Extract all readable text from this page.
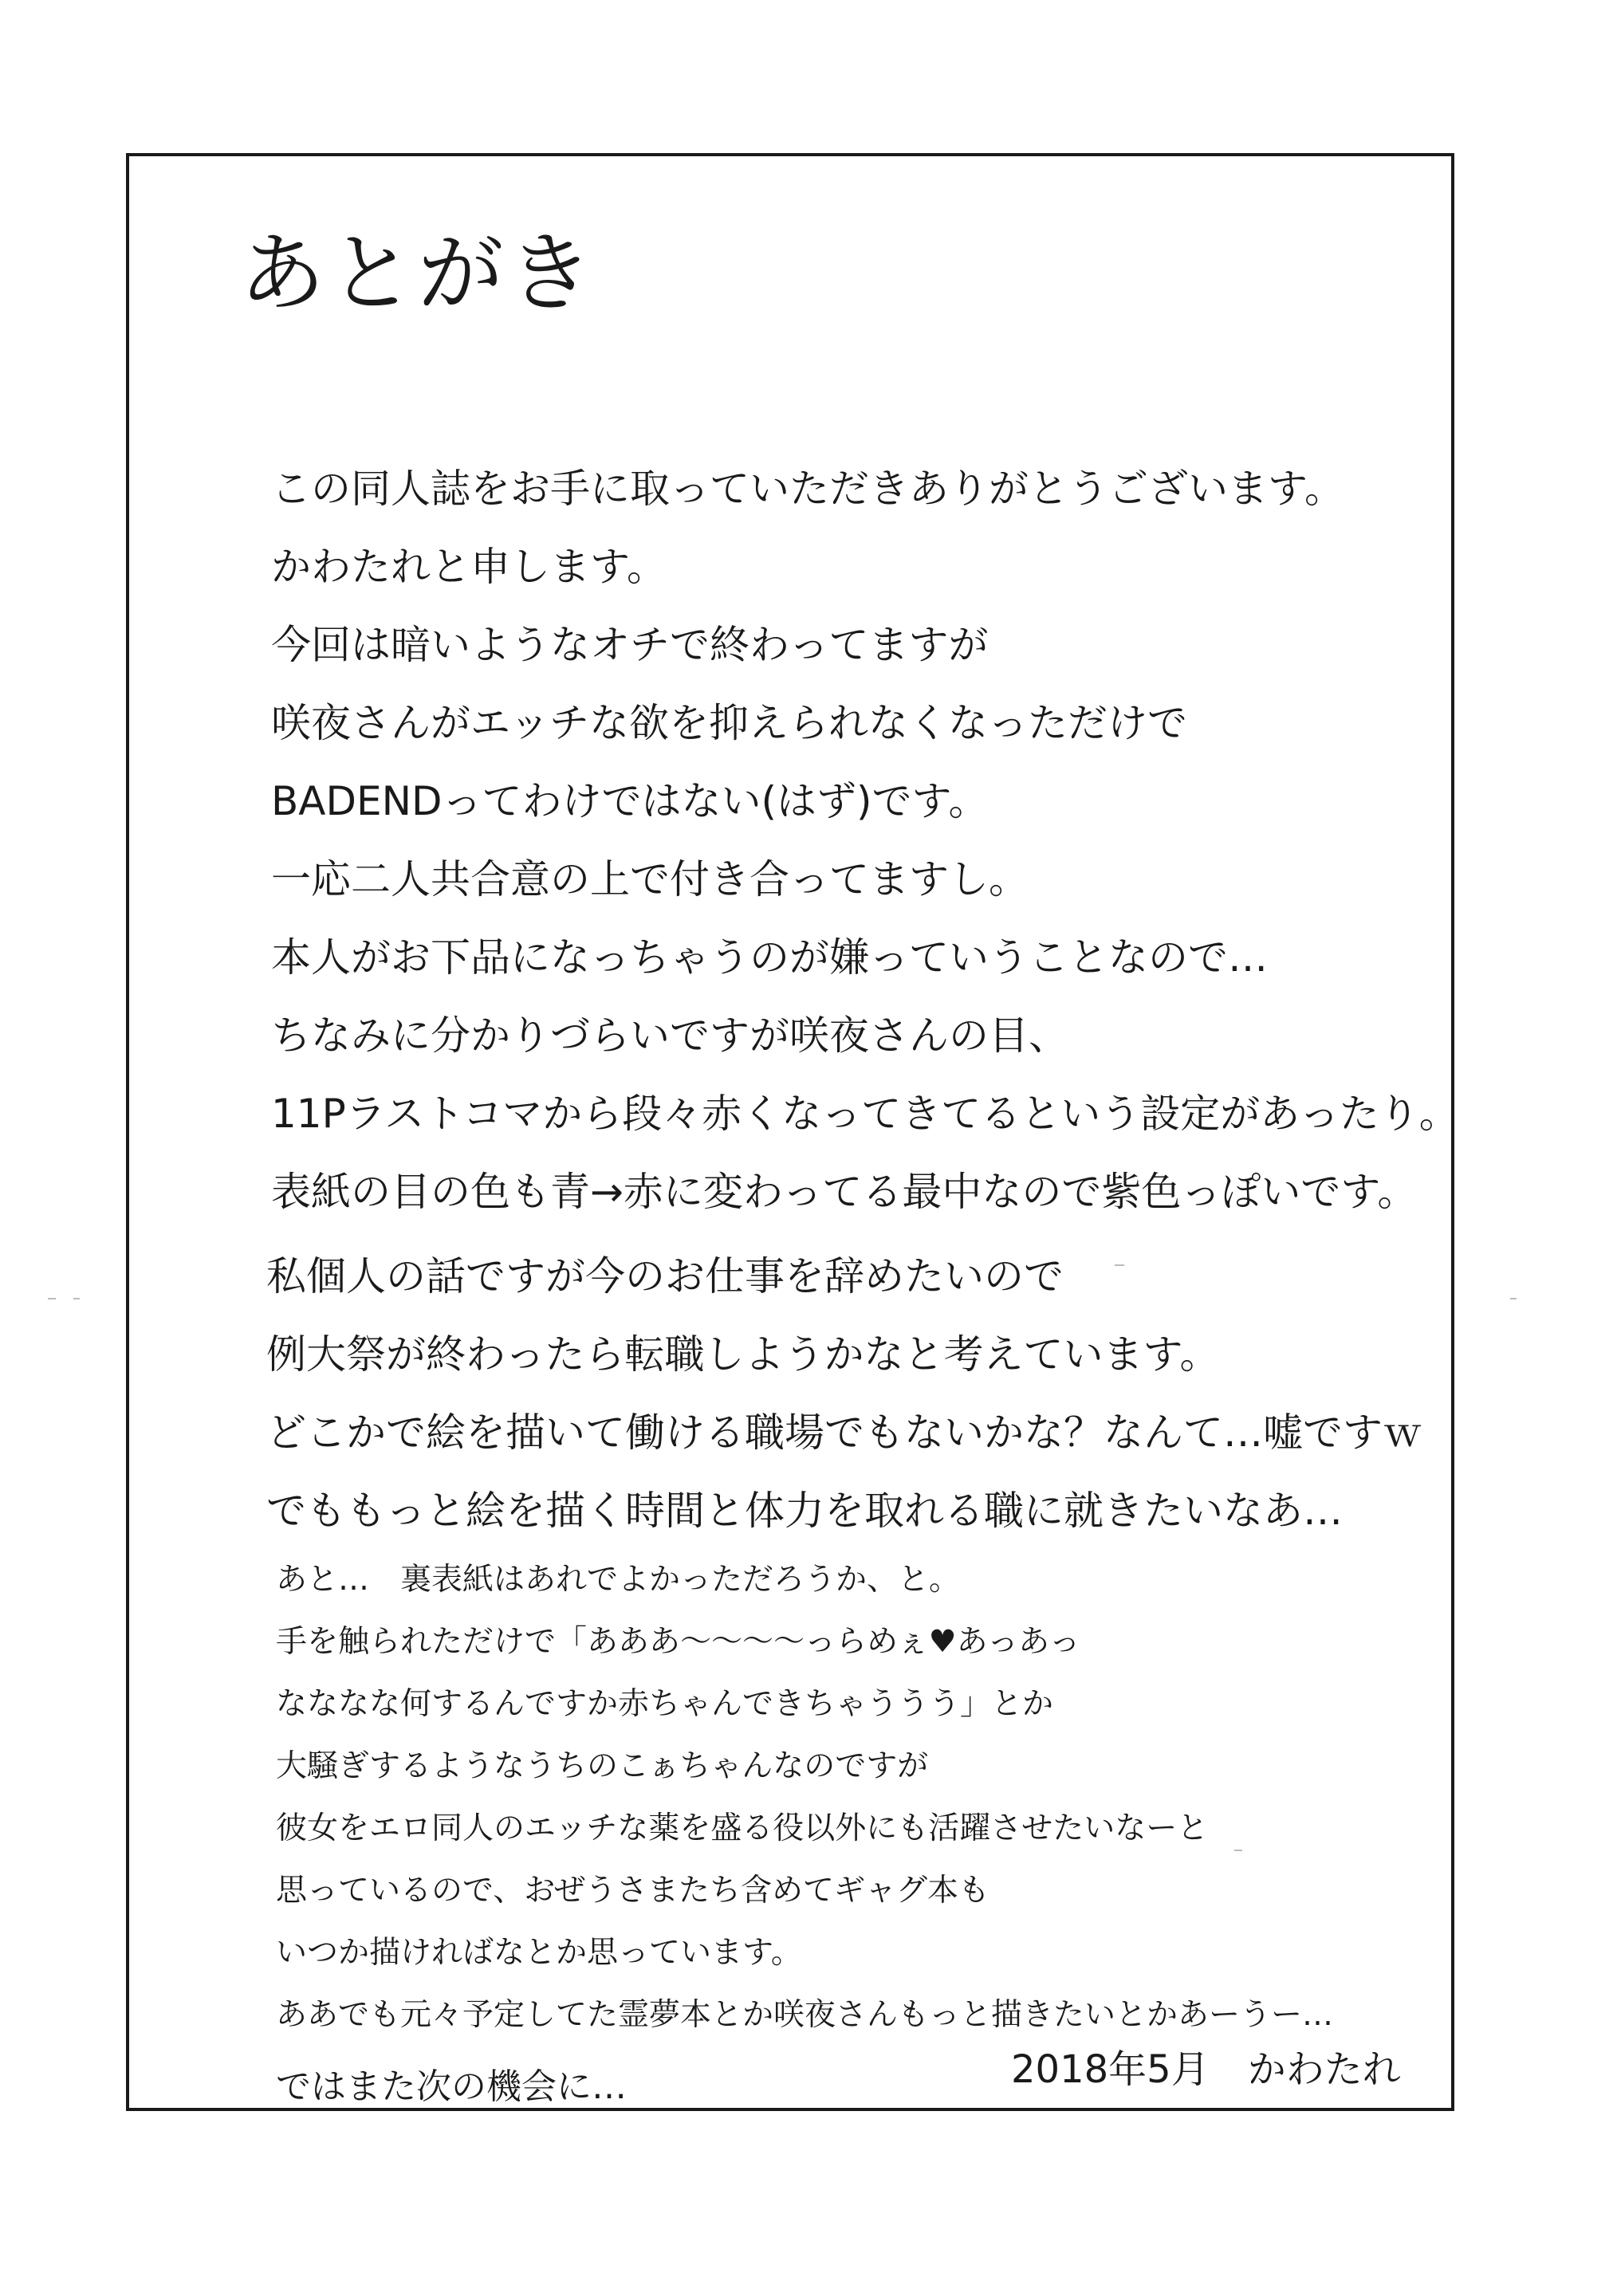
あとがき
この同人誌をお手に取っていただきありがとうございます。
かわたれと申します。
今回は暗いようなオチで終わってますが
咲夜さんがエッチな欲を抑えられなくなっただけで
BADENDってわけではない(はず)です。
一応二人共合意の上で付き合ってますし。
本人がお下品になっちゃうのが嫌っていうことなので…
ちなみに分かりづらいですが咲夜さんの目、
11Pラストコマから段々赤くなってきてるという設定があったり。
表紙の目の色も青→赤に変わってる最中なので紫色っぽいです。
私個人の話ですが今のお仕事を辞めたいので
例大祭が終わったら転職しようかなと考えています。
どこかで絵を描いて働ける職場でもないかな？なんて…嘘ですｗ
でももっと絵を描く時間と体力を取れる職に就きたいなあ…
あと…　裏表紙はあれでよかっただろうか、と。
手を触られただけで「あああ～～～～っらめぇ♥あっあっ
なななな何するんですか赤ちゃんできちゃううう」とか
大騒ぎするようなうちのこぁちゃんなのですが
彼女をエロ同人のエッチな薬を盛る役以外にも活躍させたいなーと
思っているので、おぜうさまたち含めてギャグ本も
いつか描ければなとか思っています。
ああでも元々予定してた霊夢本とか咲夜さんもっと描きたいとかあーうー…
ではまた次の機会に…	2018年5月　かわたれ
